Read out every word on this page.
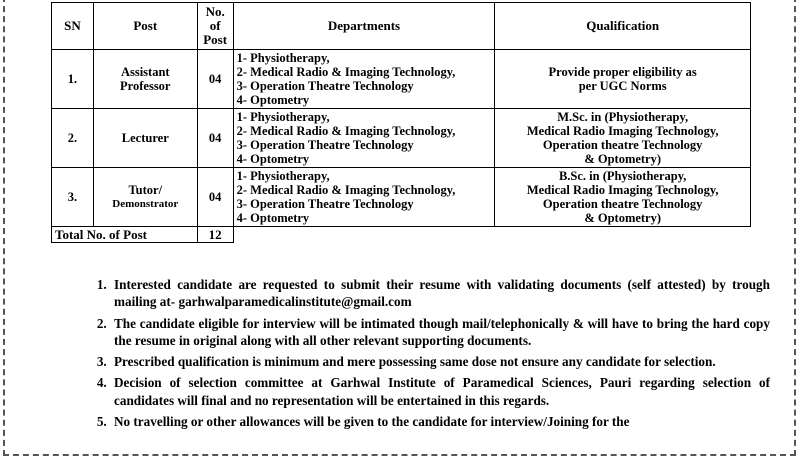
SN	Post	No. of Post	Departments	Qualification
1.	Assistant
Professor	04	1- Physiotherapy,
2- Medical Radio & Imaging Technology,
3- Operation Theatre Technology
4- Optometry	Provide proper eligibility as
per UGC Norms

2.	Lecturer	04	1- Physiotherapy,
2- Medical Radio & Imaging Technology,
3- Operation Theatre Technology
4- Optometry	M.Sc. in (Physiotherapy,
Medical Radio Imaging Technology,
Operation theatre Technology
& Optometry)

3.	Tutor/
Demonstrator	04	1- Physiotherapy,
2- Medical Radio & Imaging Technology,
3- Operation Theatre Technology
4- Optometry	B.Sc. in (Physiotherapy,
Medical Radio Imaging Technology,
Operation theatre Technology
& Optometry)

Total No. of Post		12		
1. Interested candidate are requested to submit their resume with validating documents (self attested) by trough mailing at- garhwalparamedicalinstitute@gmail.com
2. The candidate eligible for interview will be intimated though mail/telephonically & will have to bring the hard copy the resume in original along with all other relevant supporting documents.
3. Prescribed qualification is minimum and mere possessing same dose not ensure any candidate for selection.
4. Decision of selection committee at Garhwal Institute of Paramedical Sciences, Pauri regarding selection of candidates will final and no representation will be entertained in this regards.
5. No travelling or other allowances will be given to the candidate for interview/Joining for the
